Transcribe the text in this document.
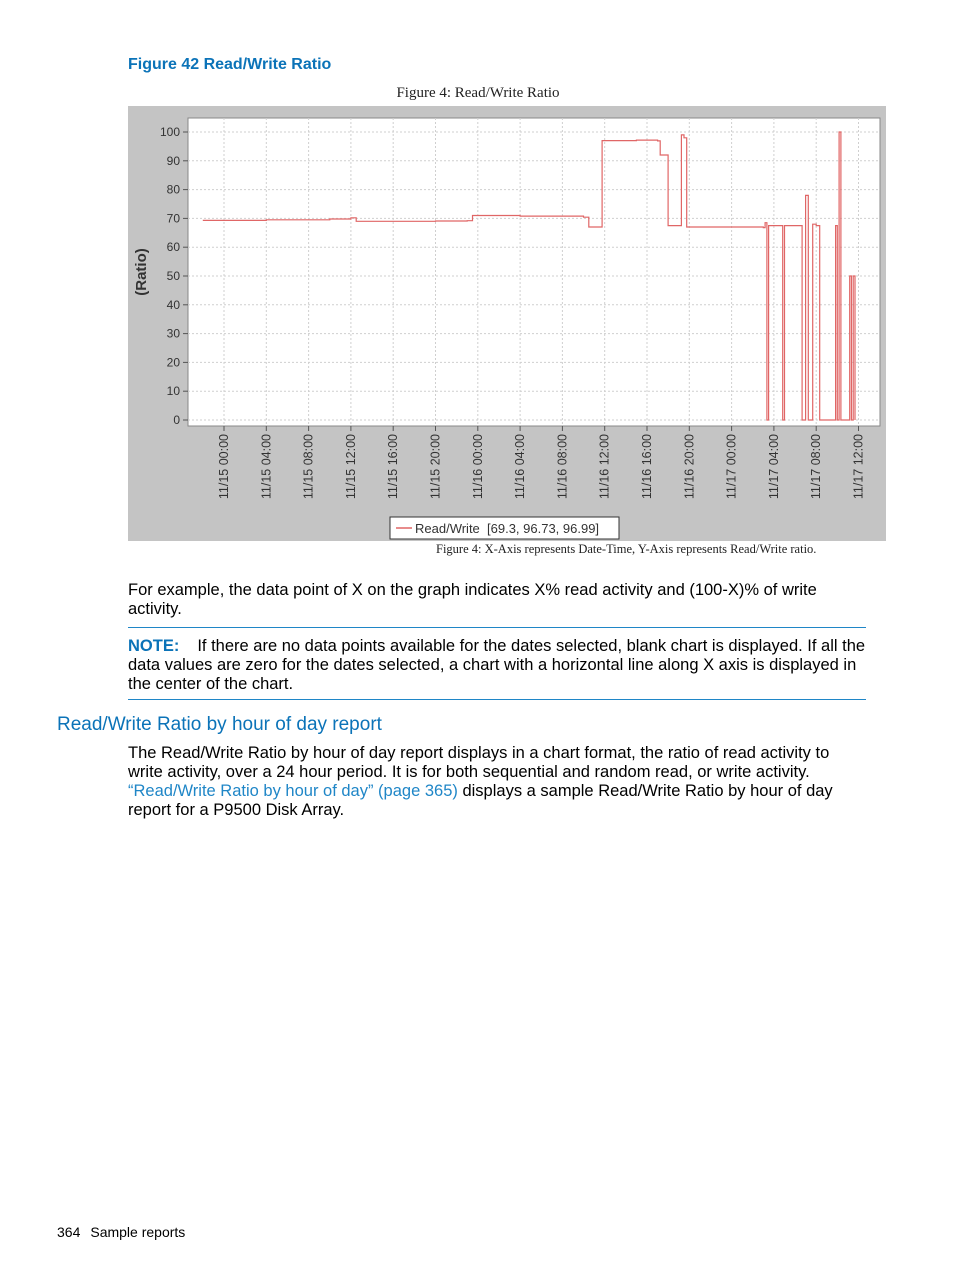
Figure 42 Read/Write Ratio
Figure 4: Read/Write Ratio
0
10
20
30
40
50
60
70
80
90
100
11/15 00:00 11/15 04:00 11/15 08:00 11/15 12:00 11/15 16:00 11/15 20:00 11/16 00:00 11/16 04:00 11/16 08:00 11/16 12:00 11/16 16:00 11/16 20:00 11/17 00:00 11/17 04:00 11/17 08:00 11/17 12:00
(Ratio)
Read/Write  [69.3, 96.73, 96.99]
Figure 4: X-Axis represents Date-Time, Y-Axis represents Read/Write ratio.
For example, the data point of X on the graph indicates X% read activity and (100-X)% of write activity.
NOTE: If there are no data points available for the dates selected, blank chart is displayed. If all the data values are zero for the dates selected, a chart with a horizontal line along X axis is displayed in the center of the chart.
Read/Write Ratio by hour of day report
The Read/Write Ratio by hour of day report displays in a chart format, the ratio of read activity to write activity, over a 24 hour period. It is for both sequential and random read, or write activity. “Read/Write Ratio by hour of day” (page 365) displays a sample Read/Write Ratio by hour of day report for a P9500 Disk Array.
364 Sample reports
